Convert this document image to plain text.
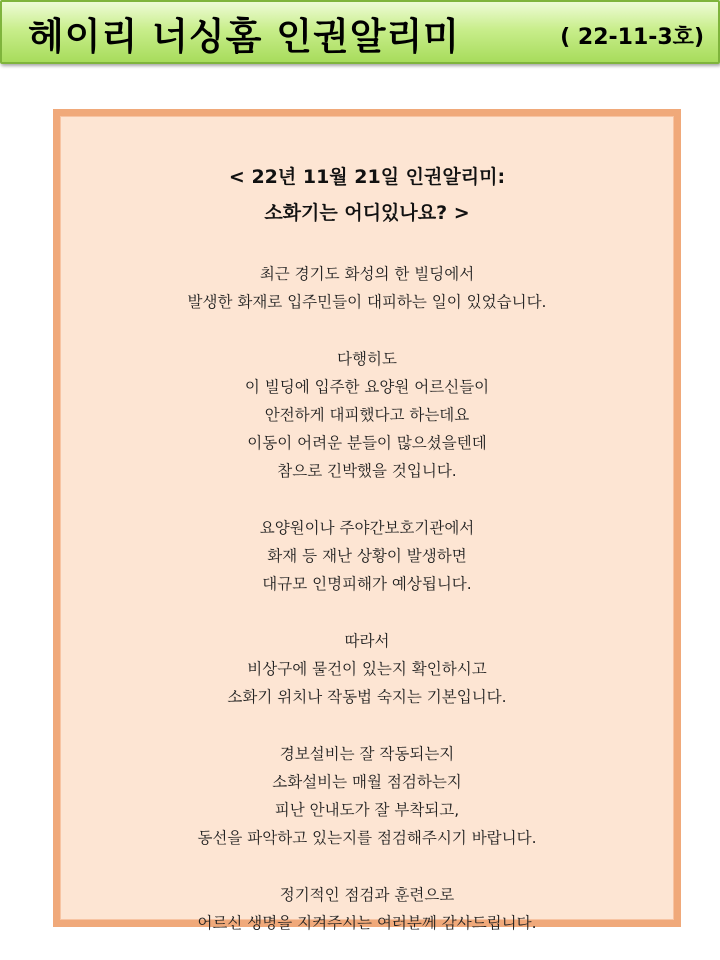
헤이리 너싱홈 인권알리미	( 22-11-3호)
< 22년 11월 21일 인권알리미:
소화기는 어디있나요? >
최근 경기도 화성의 한 빌딩에서
발생한 화재로 입주민들이 대피하는 일이 있었습니다.
다행히도
이 빌딩에 입주한 요양원 어르신들이
안전하게 대피했다고 하는데요
이동이 어려운 분들이 많으셨을텐데
참으로 긴박했을 것입니다.
요양원이나 주야간보호기관에서
화재 등 재난 상황이 발생하면
대규모 인명피해가 예상됩니다.
따라서
비상구에 물건이 있는지 확인하시고
소화기 위치나 작동법 숙지는 기본입니다.
경보설비는 잘 작동되는지
소화설비는 매월 점검하는지
피난 안내도가 잘 부착되고,
동선을 파악하고 있는지를 점검해주시기 바랍니다.
정기적인 점검과 훈련으로
어르신 생명을 지켜주시는 여러분께 감사드립니다.
